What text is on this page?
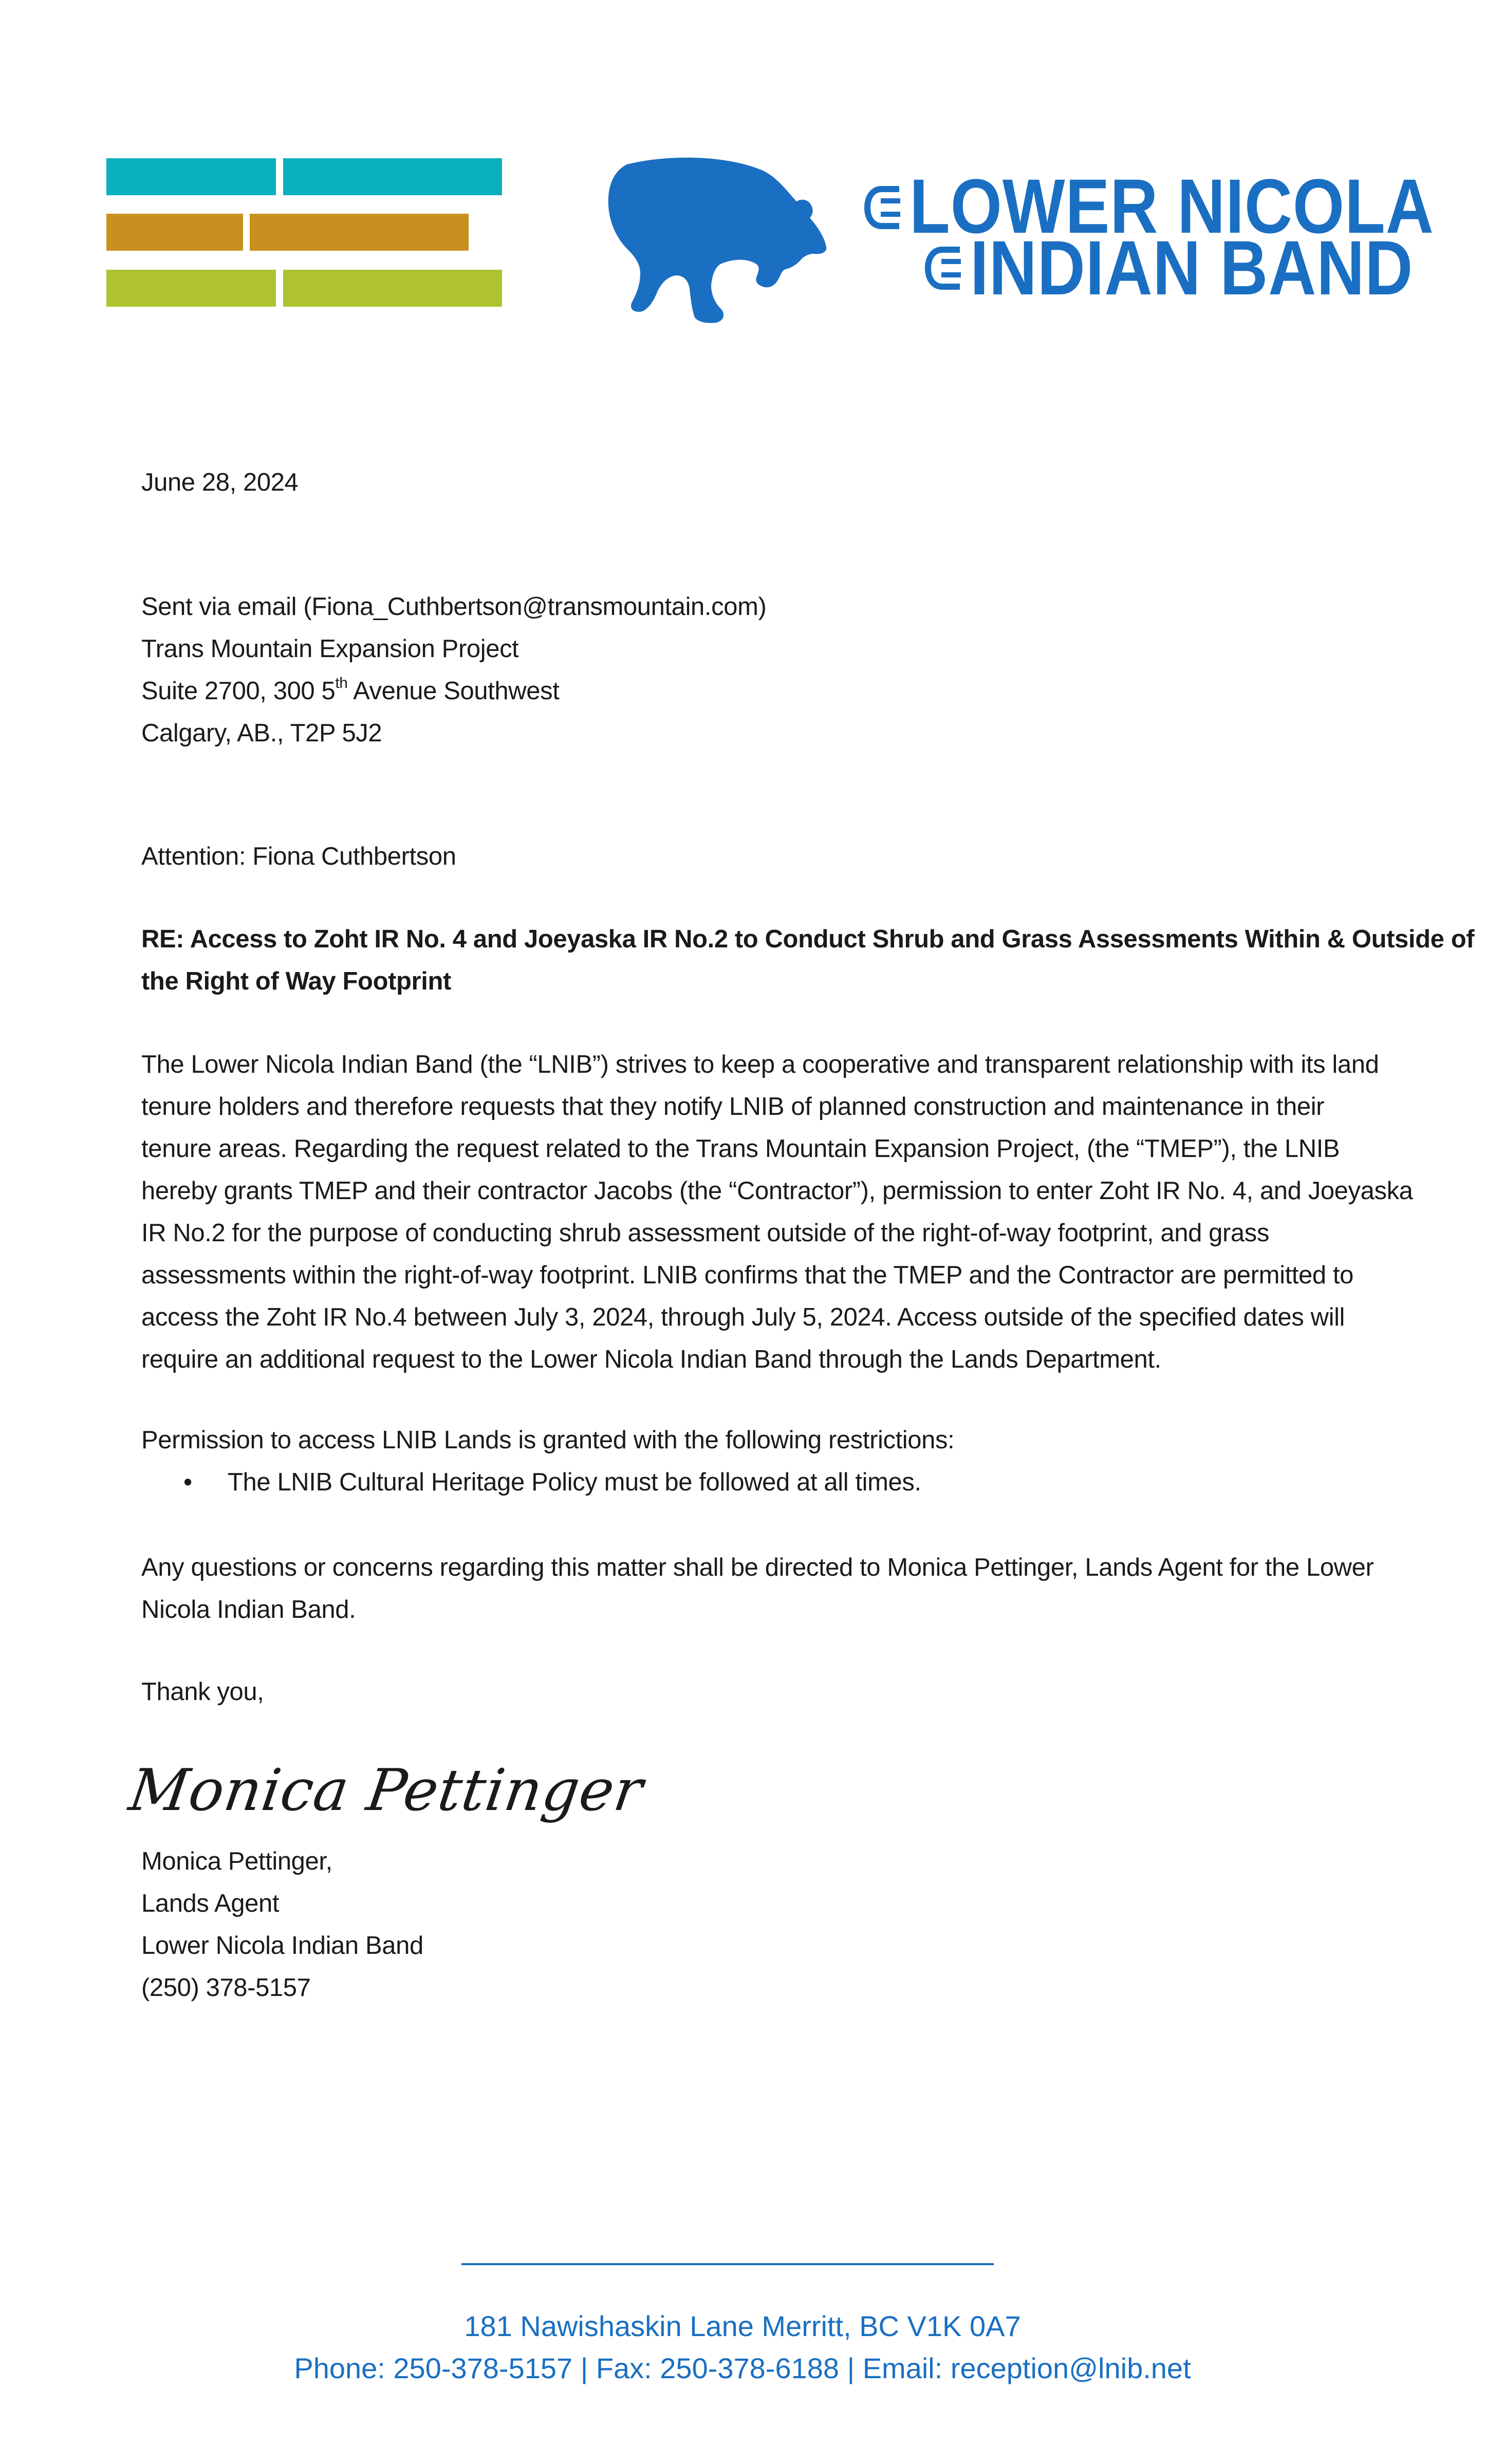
LOWER NICOLA
INDIAN BAND
June 28, 2024
Sent via email (Fiona_Cuthbertson@transmountain.com)
Trans Mountain Expansion Project
Suite 2700, 300 5th Avenue Southwest
Calgary, AB., T2P 5J2
Attention: Fiona Cuthbertson
RE: Access to Zoht IR No. 4 and Joeyaska IR No.2 to Conduct Shrub and Grass Assessments Within & Outside of
the Right of Way Footprint
The Lower Nicola Indian Band (the “LNIB”) strives to keep a cooperative and transparent relationship with its land
tenure holders and therefore requests that they notify LNIB of planned construction and maintenance in their
tenure areas. Regarding the request related to the Trans Mountain Expansion Project, (the “TMEP”), the LNIB
hereby grants TMEP and their contractor Jacobs (the “Contractor”), permission to enter Zoht IR No. 4, and Joeyaska
IR No.2 for the purpose of conducting shrub assessment outside of the right-of-way footprint, and grass
assessments within the right-of-way footprint. LNIB confirms that the TMEP and the Contractor are permitted to
access the Zoht IR No.4 between July 3, 2024, through July 5, 2024. Access outside of the specified dates will
require an additional request to the Lower Nicola Indian Band through the Lands Department.
Permission to access LNIB Lands is granted with the following restrictions:
• The LNIB Cultural Heritage Policy must be followed at all times.
Any questions or concerns regarding this matter shall be directed to Monica Pettinger, Lands Agent for the Lower
Nicola Indian Band.
Thank you,
Monica Pettinger
Monica Pettinger,
Lands Agent
Lower Nicola Indian Band
(250) 378-5157
181 Nawishaskin Lane Merritt, BC V1K 0A7
Phone: 250-378-5157 | Fax: 250-378-6188 | Email: reception@lnib.net
